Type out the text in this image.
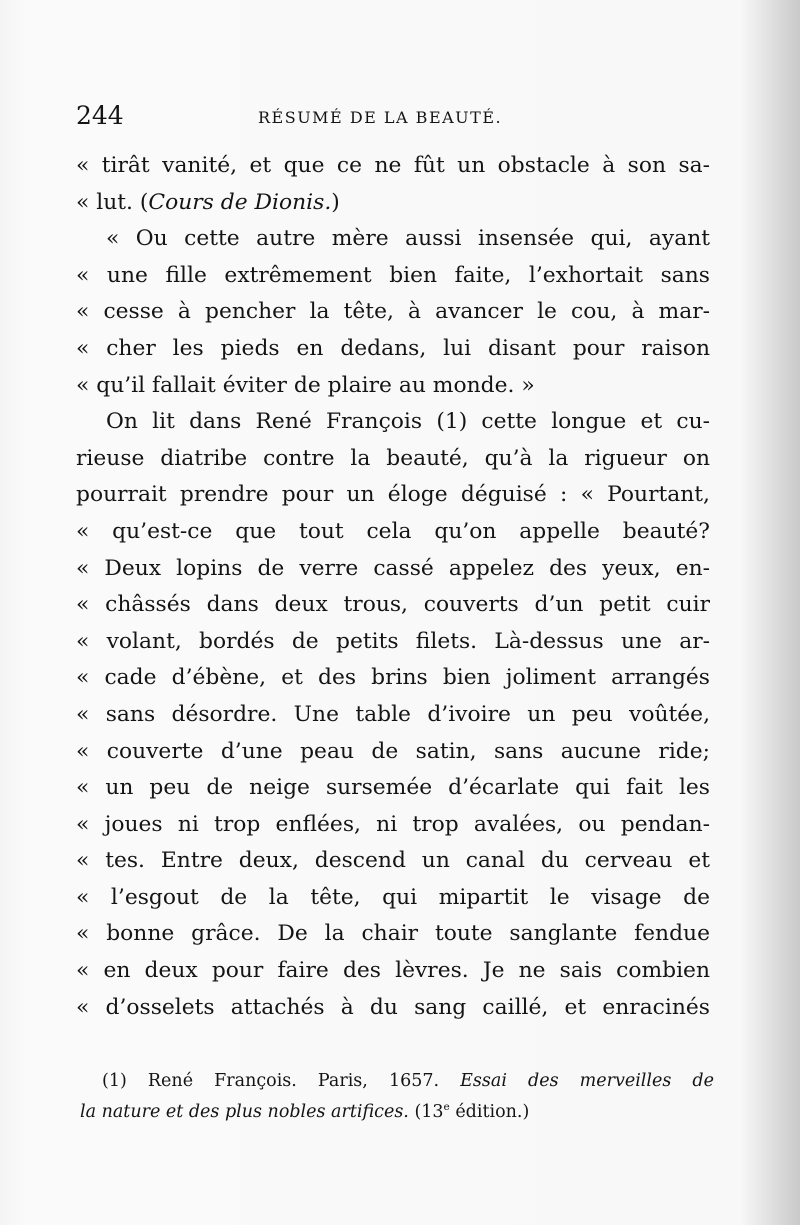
244	RÉSUMÉ DE LA BEAUTÉ.
« tirât vanité, et que ce ne fût un obstacle à son sa-
« lut. (Cours de Dionis.)
« Ou cette autre mère aussi insensée qui, ayant
« une fille extrêmement bien faite, l’exhortait sans
« cesse à pencher la tête, à avancer le cou, à mar-
« cher les pieds en dedans, lui disant pour raison
« qu’il fallait éviter de plaire au monde. »
On lit dans René François (1) cette longue et cu-
rieuse diatribe contre la beauté, qu’à la rigueur on
pourrait prendre pour un éloge déguisé : « Pourtant,
« qu’est-ce que tout cela qu’on appelle beauté?
« Deux lopins de verre cassé appelez des yeux, en-
« châssés dans deux trous, couverts d’un petit cuir
« volant, bordés de petits filets. Là-dessus une ar-
« cade d’ébène, et des brins bien joliment arrangés
« sans désordre. Une table d’ivoire un peu voûtée,
« couverte d’une peau de satin, sans aucune ride;
« un peu de neige sursemée d’écarlate qui fait les
« joues ni trop enflées, ni trop avalées, ou pendan-
« tes. Entre deux, descend un canal du cerveau et
« l’esgout de la tête, qui mipartit le visage de
« bonne grâce. De la chair toute sanglante fendue
« en deux pour faire des lèvres. Je ne sais combien
« d’osselets attachés à du sang caillé, et enracinés
(1) René François. Paris, 1657. Essai des merveilles de
la nature et des plus nobles artifices. (13e édition.)
